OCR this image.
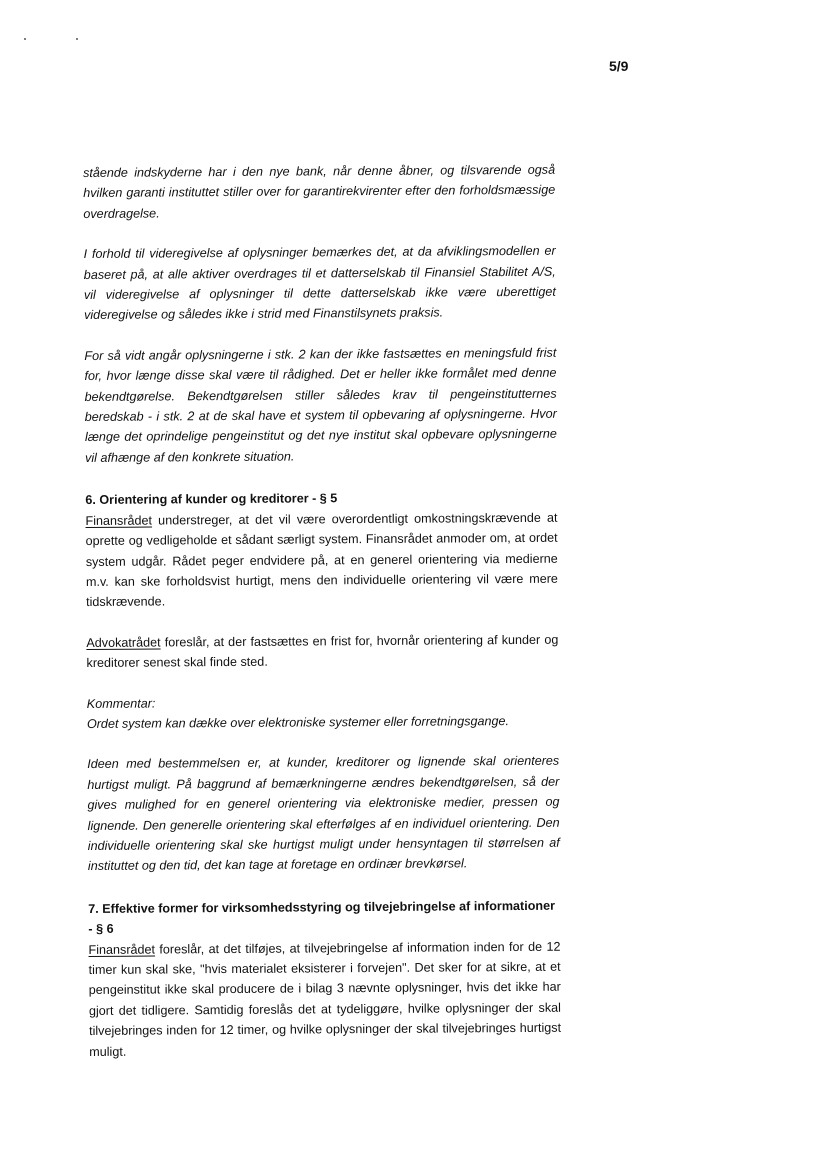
5/9

stående indskyderne har i den nye bank, når denne åbner, og tilsvarende også hvilken garanti instituttet stiller over for garantirekvirenter efter den forholdsmæssige overdragelse.

I forhold til videregivelse af oplysninger bemærkes det, at da afviklingsmodellen er baseret på, at alle aktiver overdrages til et datterselskab til Finansiel Stabilitet A/S, vil videregivelse af oplysninger til dette datterselskab ikke være uberettiget videregivelse og således ikke i strid med Finanstilsynets praksis.

For så vidt angår oplysningerne i stk. 2 kan der ikke fastsættes en meningsfuld frist for, hvor længe disse skal være til rådighed. Det er heller ikke formålet med denne bekendtgørelse. Bekendtgørelsen stiller således krav til pengeinstitutternes beredskab - i stk. 2 at de skal have et system til opbevaring af oplysningerne. Hvor længe det oprindelige pengeinstitut og det nye institut skal opbevare oplysningerne vil afhænge af den konkrete situation.

6. Orientering af kunder og kreditorer - § 5

Finansrådet understreger, at det vil være overordentligt omkostningskrævende at oprette og vedligeholde et sådant særligt system. Finansrådet anmoder om, at ordet system udgår. Rådet peger endvidere på, at en generel orientering via medierne m.v. kan ske forholdsvist hurtigt, mens den individuelle orientering vil være mere tidskrævende.

Advokatrådet foreslår, at der fastsættes en frist for, hvornår orientering af kunder og kreditorer senest skal finde sted.

Kommentar:

Ordet system kan dække over elektroniske systemer eller forretningsgange.

Ideen med bestemmelsen er, at kunder, kreditorer og lignende skal orienteres hurtigst muligt. På baggrund af bemærkningerne ændres bekendtgørelsen, så der gives mulighed for en generel orientering via elektroniske medier, pressen og lignende. Den generelle orientering skal efterfølges af en individuel orientering. Den individuelle orientering skal ske hurtigst muligt under hensyntagen til størrelsen af instituttet og den tid, det kan tage at foretage en ordinær brevkørsel.

7. Effektive former for virksomhedsstyring og tilvejebringelse af informationer - § 6

Finansrådet foreslår, at det tilføjes, at tilvejebringelse af information inden for de 12 timer kun skal ske, "hvis materialet eksisterer i forvejen". Det sker for at sikre, at et pengeinstitut ikke skal producere de i bilag 3 nævnte oplysninger, hvis det ikke har gjort det tidligere. Samtidig foreslås det at tydeliggøre, hvilke oplysninger der skal tilvejebringes inden for 12 timer, og hvilke oplysninger der skal tilvejebringes hurtigst muligt.
